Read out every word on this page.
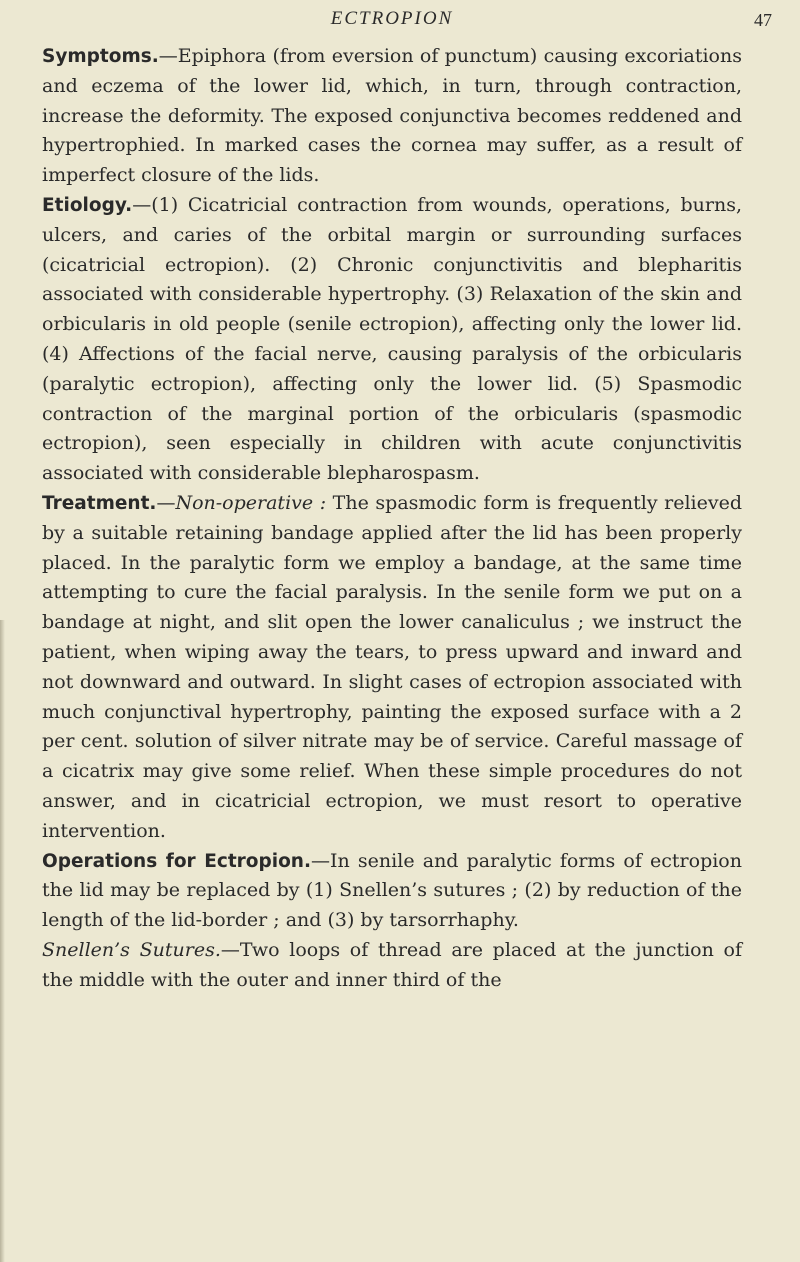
ECTROPION	47

Symptoms.—Epiphora (from eversion of punctum) causing excoriations and eczema of the lower lid, which, in turn, through contraction, increase the deformity. The exposed conjunctiva becomes reddened and hypertrophied. In marked cases the cornea may suffer, as a result of imperfect closure of the lids.

Etiology.—(1) Cicatricial contraction from wounds, operations, burns, ulcers, and caries of the orbital margin or surrounding surfaces (cicatricial ectropion). (2) Chronic conjunctivitis and blepharitis associated with considerable hypertrophy. (3) Relaxation of the skin and orbicularis in old people (senile ectropion), affecting only the lower lid. (4) Affections of the facial nerve, causing paralysis of the orbicularis (paralytic ectropion), affecting only the lower lid. (5) Spasmodic contraction of the marginal portion of the orbicularis (spasmodic ectropion), seen especially in children with acute conjunctivitis associated with considerable blepharospasm.

Treatment.—Non-operative : The spasmodic form is frequently relieved by a suitable retaining bandage applied after the lid has been properly placed. In the paralytic form we employ a bandage, at the same time attempting to cure the facial paralysis. In the senile form we put on a bandage at night, and slit open the lower canaliculus ; we instruct the patient, when wiping away the tears, to press upward and inward and not downward and outward. In slight cases of ectropion associated with much conjunctival hypertrophy, painting the exposed surface with a 2 per cent. solution of silver nitrate may be of service. Careful massage of a cicatrix may give some relief. When these simple procedures do not answer, and in cicatricial ectropion, we must resort to operative intervention.

Operations for Ectropion.—In senile and paralytic forms of ectropion the lid may be replaced by (1) Snellen’s sutures ; (2) by reduction of the length of the lid-border ; and (3) by tarsorrhaphy.

Snellen’s Sutures.—Two loops of thread are placed at the junction of the middle with the outer and inner third of the
